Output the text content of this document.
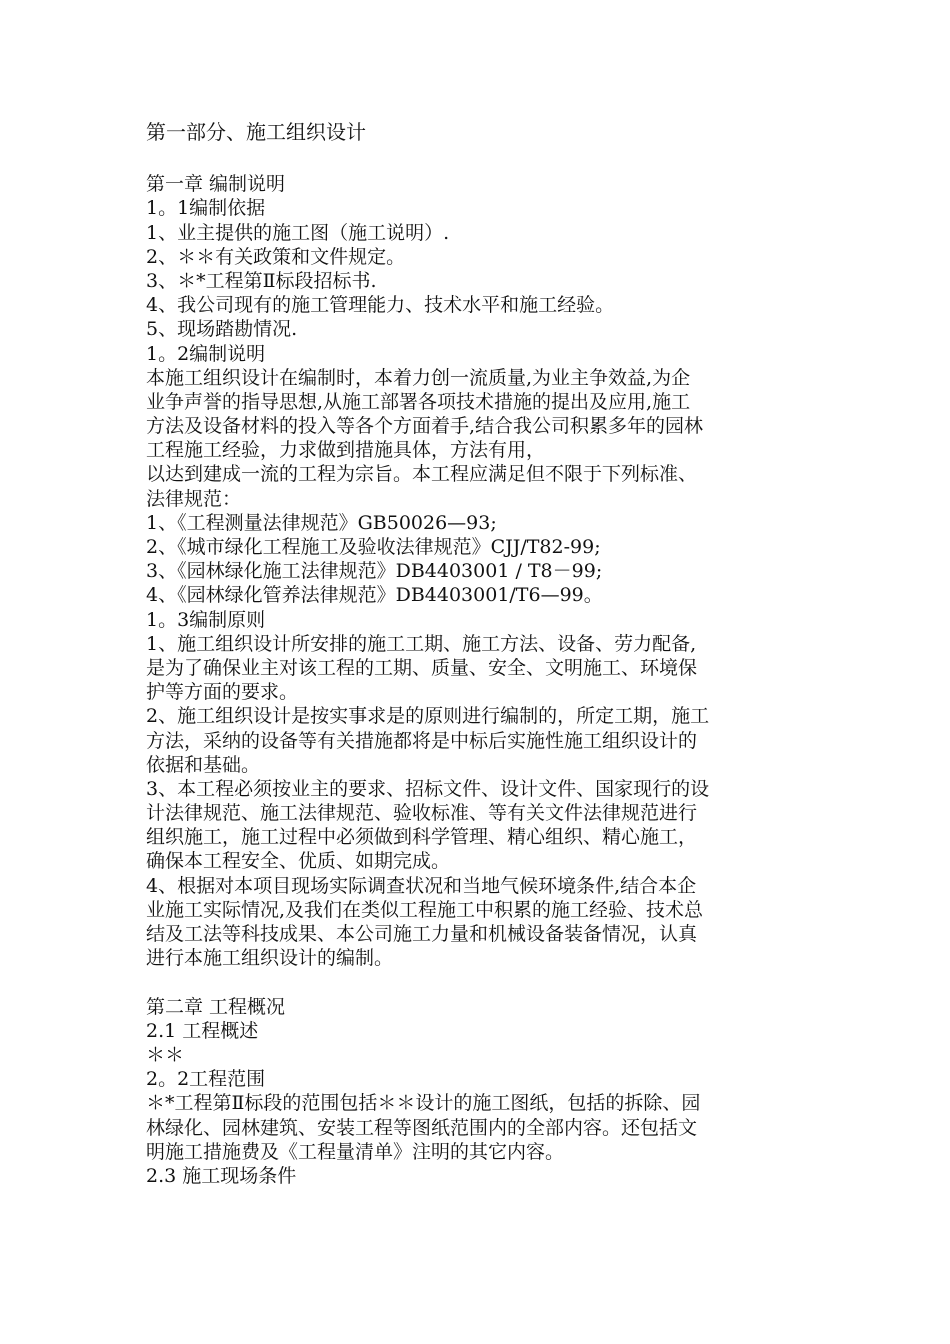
第一部分、施工组织设计
第一章 编制说明
1。1编制依据
1、业主提供的施工图（施工说明）.
2、＊＊有关政策和文件规定。
3、＊*工程第Ⅱ标段招标书.
4、我公司现有的施工管理能力、技术水平和施工经验。
5、现场踏勘情况.
1。2编制说明
本施工组织设计在编制时，本着力创一流质量,为业主争效益,为企
业争声誉的指导思想,从施工部署各项技术措施的提出及应用,施工
方法及设备材料的投入等各个方面着手,结合我公司积累多年的园林
工程施工经验，力求做到措施具体，方法有用，
以达到建成一流的工程为宗旨。本工程应满足但不限于下列标准、
法律规范：
1、《工程测量法律规范》GB50026—93;
2、《城市绿化工程施工及验收法律规范》CJJ/T82-99;
3、《园林绿化施工法律规范》DB4403001 / T8－99;
4、《园林绿化管养法律规范》DB4403001/T6—99。
1。3编制原则
1、施工组织设计所安排的施工工期、施工方法、设备、劳力配备,
是为了确保业主对该工程的工期、质量、安全、文明施工、环境保
护等方面的要求。
2、施工组织设计是按实事求是的原则进行编制的，所定工期，施工
方法，采纳的设备等有关措施都将是中标后实施性施工组织设计的
依据和基础。
3、本工程必须按业主的要求、招标文件、设计文件、国家现行的设
计法律规范、施工法律规范、验收标准、等有关文件法律规范进行
组织施工，施工过程中必须做到科学管理、精心组织、精心施工，
确保本工程安全、优质、如期完成。
4、根据对本项目现场实际调查状况和当地气候环境条件,结合本企
业施工实际情况,及我们在类似工程施工中积累的施工经验、技术总
结及工法等科技成果、本公司施工力量和机械设备装备情况，认真
进行本施工组织设计的编制。
第二章 工程概况
2.1 工程概述
＊＊
2。2工程范围
＊*工程第Ⅱ标段的范围包括＊＊设计的施工图纸，包括的拆除、园
林绿化、园林建筑、安装工程等图纸范围内的全部内容。还包括文
明施工措施费及《工程量清单》注明的其它内容。
2.3 施工现场条件
